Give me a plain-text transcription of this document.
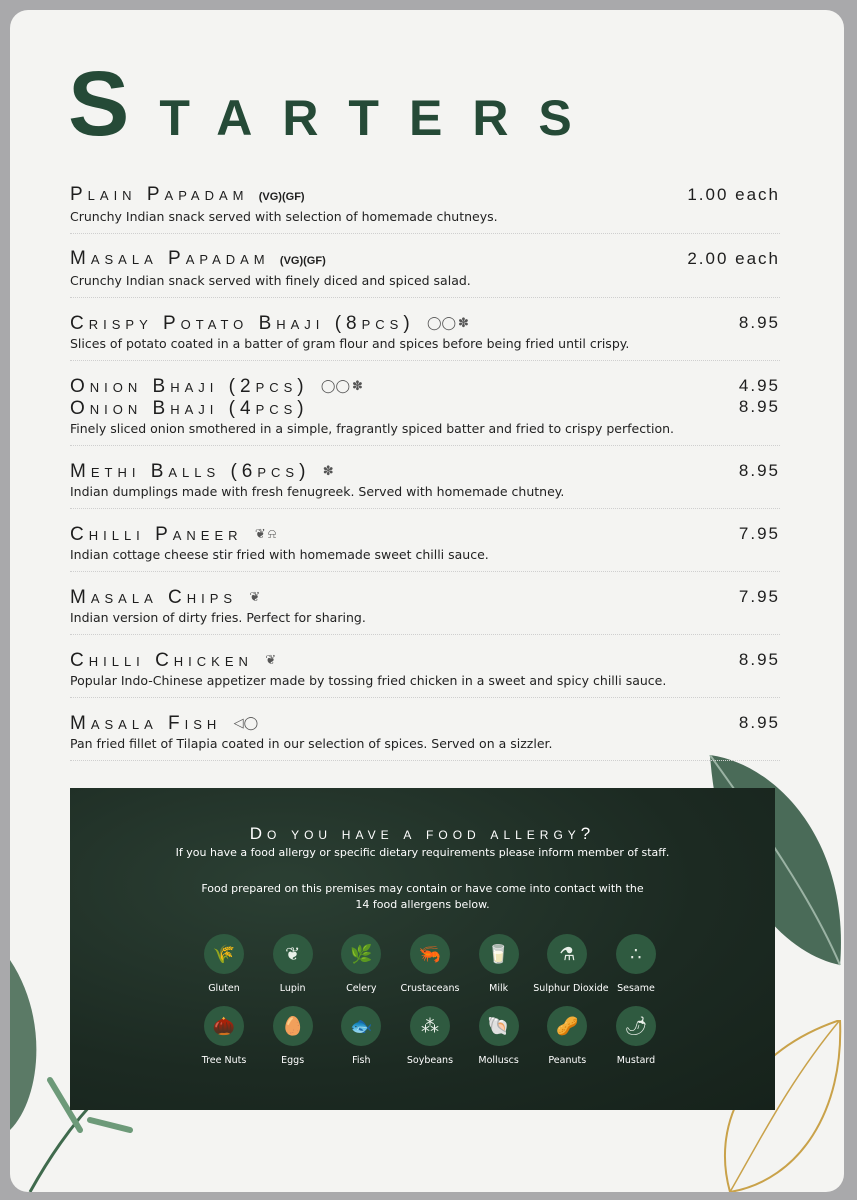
Starters
Plain Papadam (VG)(GF)
Crunchy Indian snack served with selection of homemade chutneys.
1.00 each
Masala Papadam (VG)(GF)
Crunchy Indian snack served with finely diced and spiced salad.
2.00 each
Crispy Potato Bhaji (8pcs) ◯◯ ✽
Slices of potato coated in a batter of gram flour and spices before being fried until crispy.
8.95
Onion Bhaji (2pcs) ◯◯ ✽
Onion Bhaji (4pcs)
Finely sliced onion smothered in a simple, fragrantly spiced batter and fried to crispy perfection.
4.95
8.95
Methi Balls (6pcs) ✽
Indian dumplings made with fresh fenugreek. Served with homemade chutney.
8.95
Chilli Paneer ❦ ⍾
Indian cottage cheese stir fried with homemade sweet chilli sauce.
7.95
Masala Chips ❦
Indian version of dirty fries. Perfect for sharing.
7.95
Chilli Chicken ❦
Popular Indo-Chinese appetizer made by tossing fried chicken in a sweet and spicy chilli sauce.
8.95
Masala Fish ◁◯
Pan fried fillet of Tilapia coated in our selection of spices. Served on a sizzler.
8.95
Do you have a food allergy?
If you have a food allergy or specific dietary requirements please inform member of staff.
Food prepared on this premises may contain or have come into contact with the
14 food allergens below.
🌾
Gluten
❦
Lupin
🌿
Celery
🦐
Crustaceans
🥛
Milk
⚗
Sulphur Dioxide
∴
Sesame
🌰
Tree Nuts
🥚
Eggs
🐟
Fish
⁂
Soybeans
🐚
Molluscs
🥜
Peanuts
🌶
Mustard
